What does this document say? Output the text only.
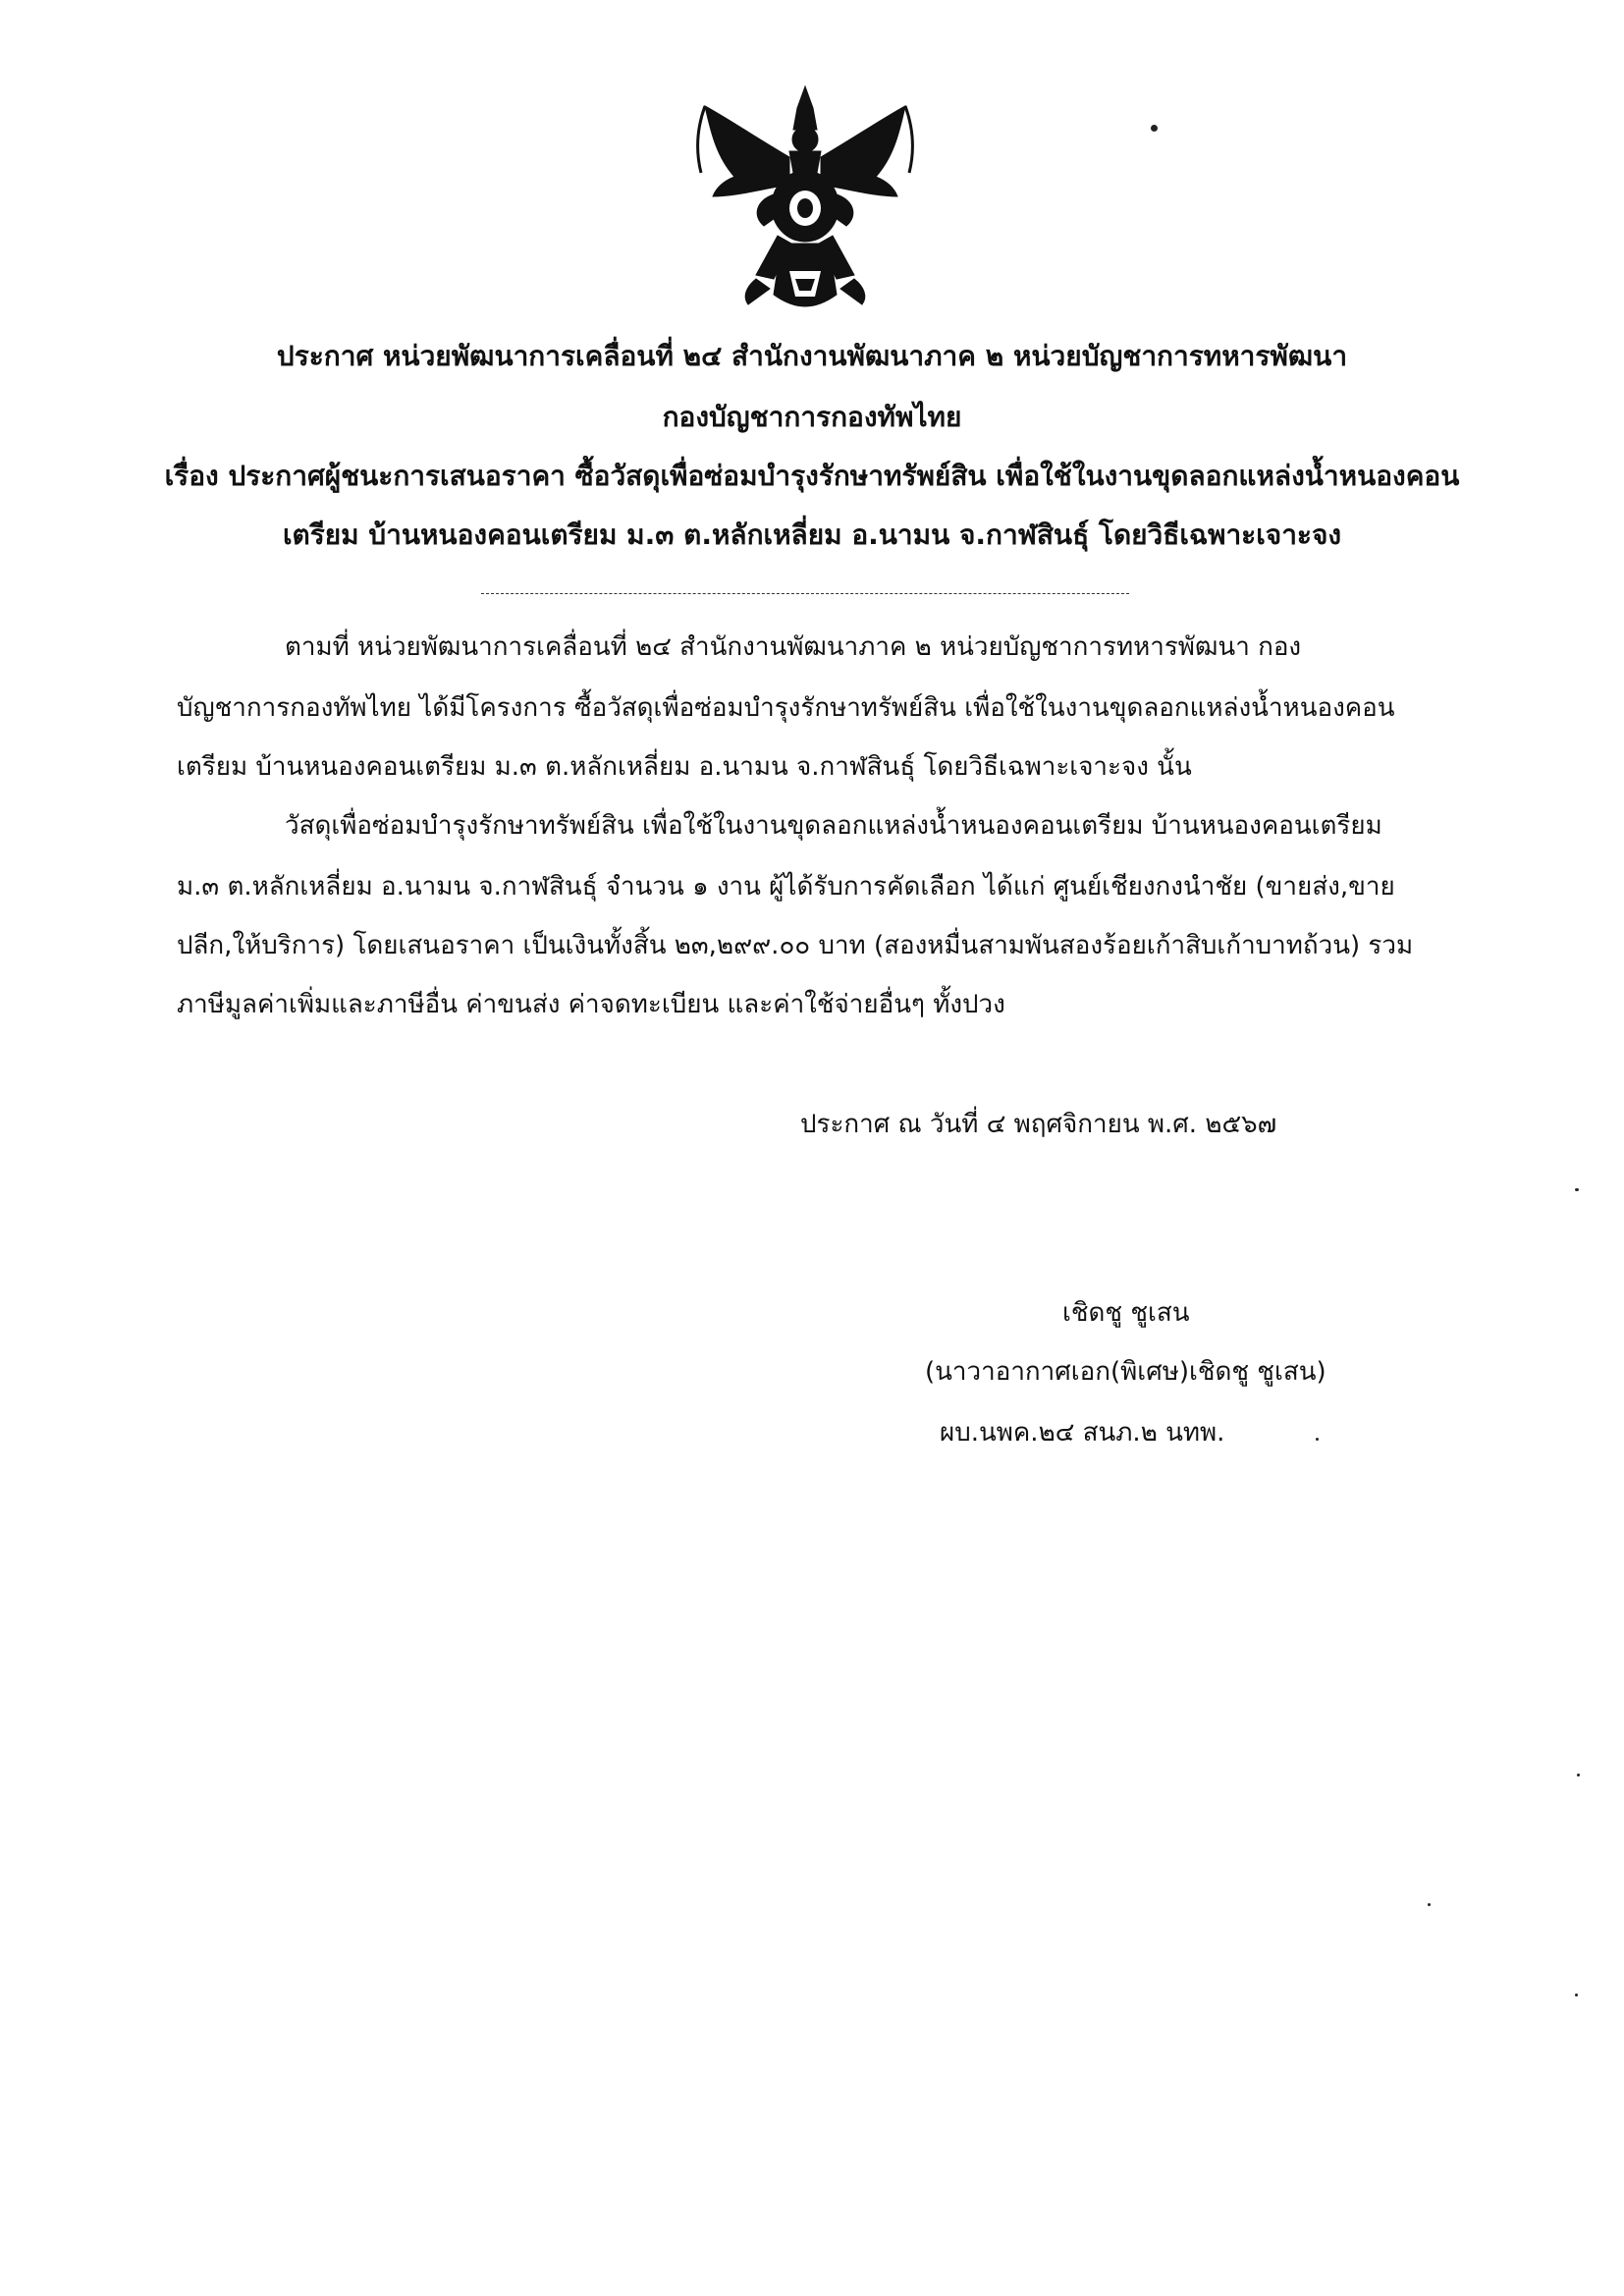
ประกาศ หน่วยพัฒนาการเคลื่อนที่ ๒๔ สำนักงานพัฒนาภาค ๒ หน่วยบัญชาการทหารพัฒนา
กองบัญชาการกองทัพไทย
เรื่อง ประกาศผู้ชนะการเสนอราคา ซื้อวัสดุเพื่อซ่อมบำรุงรักษาทรัพย์สิน เพื่อใช้ในงานขุดลอกแหล่งน้ำหนองคอน
เตรียม บ้านหนองคอนเตรียม ม.๓ ต.หลักเหลี่ยม อ.นามน จ.กาฬสินธุ์ โดยวิธีเฉพาะเจาะจง
ตามที่ หน่วยพัฒนาการเคลื่อนที่ ๒๔ สำนักงานพัฒนาภาค ๒ หน่วยบัญชาการทหารพัฒนา กอง
บัญชาการกองทัพไทย ได้มีโครงการ ซื้อวัสดุเพื่อซ่อมบำรุงรักษาทรัพย์สิน เพื่อใช้ในงานขุดลอกแหล่งน้ำหนองคอน
เตรียม บ้านหนองคอนเตรียม ม.๓ ต.หลักเหลี่ยม อ.นามน จ.กาฬสินธุ์ โดยวิธีเฉพาะเจาะจง นั้น
วัสดุเพื่อซ่อมบำรุงรักษาทรัพย์สิน เพื่อใช้ในงานขุดลอกแหล่งน้ำหนองคอนเตรียม บ้านหนองคอนเตรียม
ม.๓ ต.หลักเหลี่ยม อ.นามน จ.กาฬสินธุ์ จำนวน ๑ งาน ผู้ได้รับการคัดเลือก ได้แก่ ศูนย์เชียงกงนำชัย (ขายส่ง,ขาย
ปลีก,ให้บริการ) โดยเสนอราคา เป็นเงินทั้งสิ้น ๒๓,๒๙๙.๐๐ บาท (สองหมื่นสามพันสองร้อยเก้าสิบเก้าบาทถ้วน) รวม
ภาษีมูลค่าเพิ่มและภาษีอื่น ค่าขนส่ง ค่าจดทะเบียน และค่าใช้จ่ายอื่นๆ ทั้งปวง
ประกาศ ณ วันที่ ๔ พฤศจิกายน พ.ศ. ๒๕๖๗
เชิดชู ชูเสน
(นาวาอากาศเอก(พิเศษ)เชิดชู ชูเสน)
ผบ.นพค.๒๔ สนภ.๒ นทพ.
